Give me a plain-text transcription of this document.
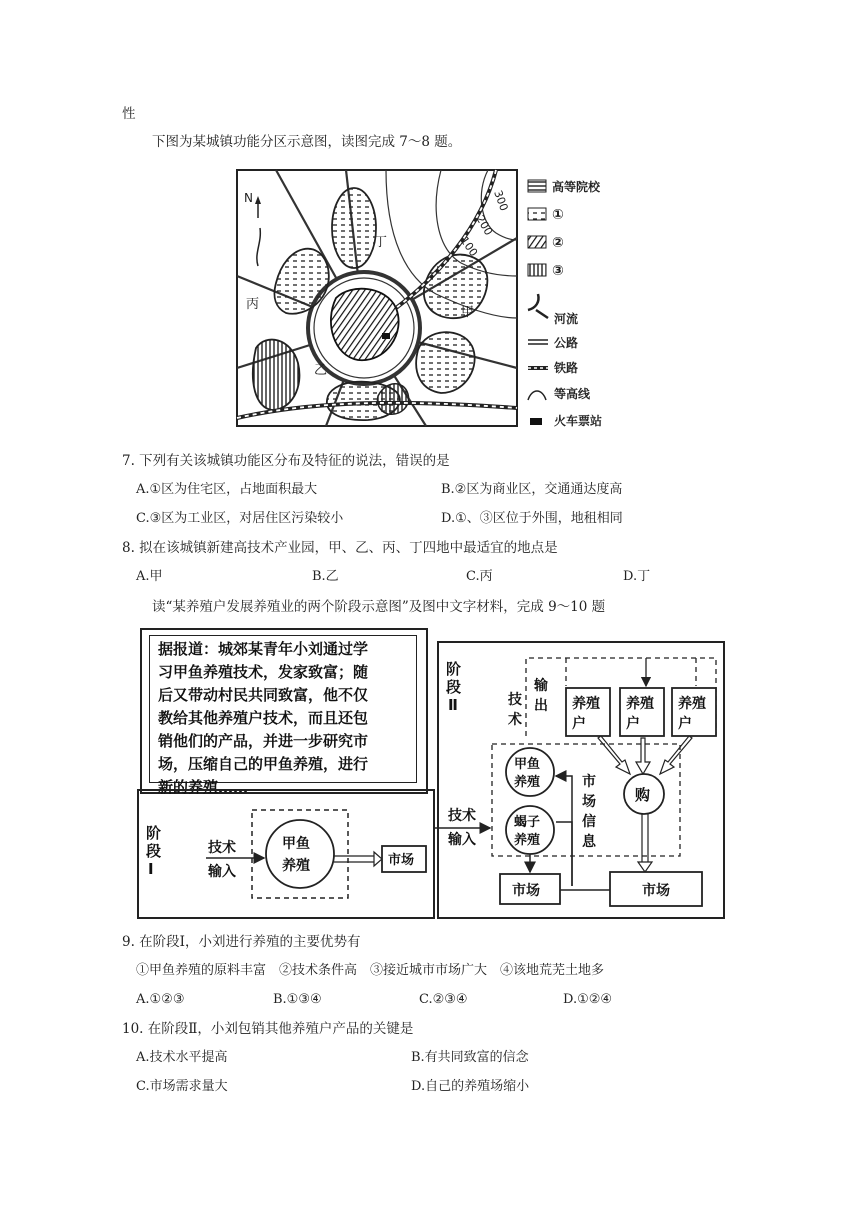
性
下图为某城镇功能分区示意图，读图完成 7～8 题。
N
丙
甲
丁
乙
300
200
100
高等院校
①
②
③
河流
公路
铁路
等高线
火车票站
7. 下列有关该城镇功能区分布及特征的说法，错误的是
A.①区为住宅区，占地面积最大	B.②区为商业区，交通通达度高
C.③区为工业区，对居住区污染较小	D.①、③区位于外围，地租相同
8. 拟在该城镇新建高技术产业园，甲、乙、丙、丁四地中最适宜的地点是
A.甲	B.乙	C.丙	D.丁
读“某养殖户发展养殖业的两个阶段示意图”及图中文字材料，完成 9～10 题
据报道：城郊某青年小刘通过学
习甲鱼养殖技术，发家致富；随
后又带动村民共同致富，他不仅
教给其他养殖户技术，而且还包
销他们的产品，并进一步研究市
场，压缩自己的甲鱼养殖，进行
新的养殖……
阶
段
Ⅰ
技术
输入
甲鱼
养殖	市场
技术
输入
阶
段
Ⅱ	技
术
输
出 养殖
户
养殖
户
养殖
户
甲鱼
养殖
蝎子
养殖
购
市
场
信
息
市场	市场
9. 在阶段Ⅰ，小刘进行养殖的主要优势有
①甲鱼养殖的原料丰富　②技术条件高　③接近城市市场广大　④该地荒芜土地多
A.①②③	B.①③④	C.②③④	D.①②④
10. 在阶段Ⅱ，小刘包销其他养殖户产品的关键是
A.技术水平提高	B.有共同致富的信念
C.市场需求量大	D.自己的养殖场缩小
